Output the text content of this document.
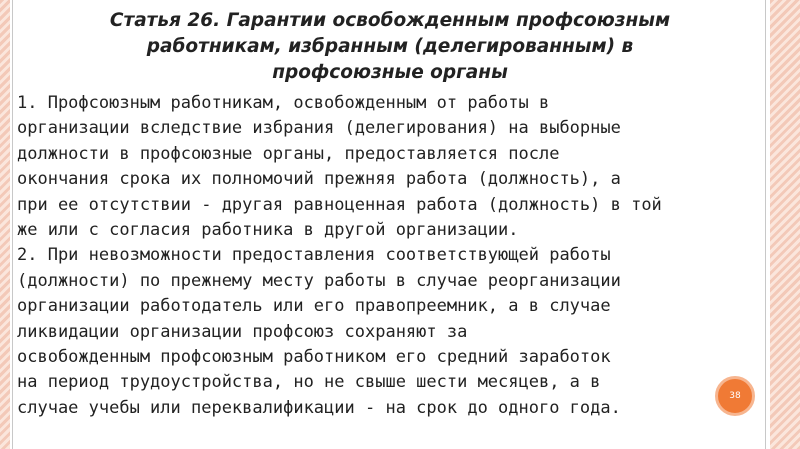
Статья 26. Гарантии освобожденным профсоюзным
работникам, избранным (делегированным) в
профсоюзные органы
1. Профсоюзным работникам, освобожденным от работы в
организации вследствие избрания (делегирования) на выборные
должности в профсоюзные органы, предоставляется после
окончания срока их полномочий прежняя работа (должность), а
при ее отсутствии - другая равноценная работа (должность) в той
же или с согласия работника в другой организации.
2. При невозможности предоставления соответствующей работы
(должности) по прежнему месту работы в случае реорганизации
организации работодатель или его правопреемник, а в случае
ликвидации организации профсоюз сохраняют за
освобожденным профсоюзным работником его средний заработок
на период трудоустройства, но не свыше шести месяцев, а в
случае учебы или переквалификации - на срок до одного года.
38
